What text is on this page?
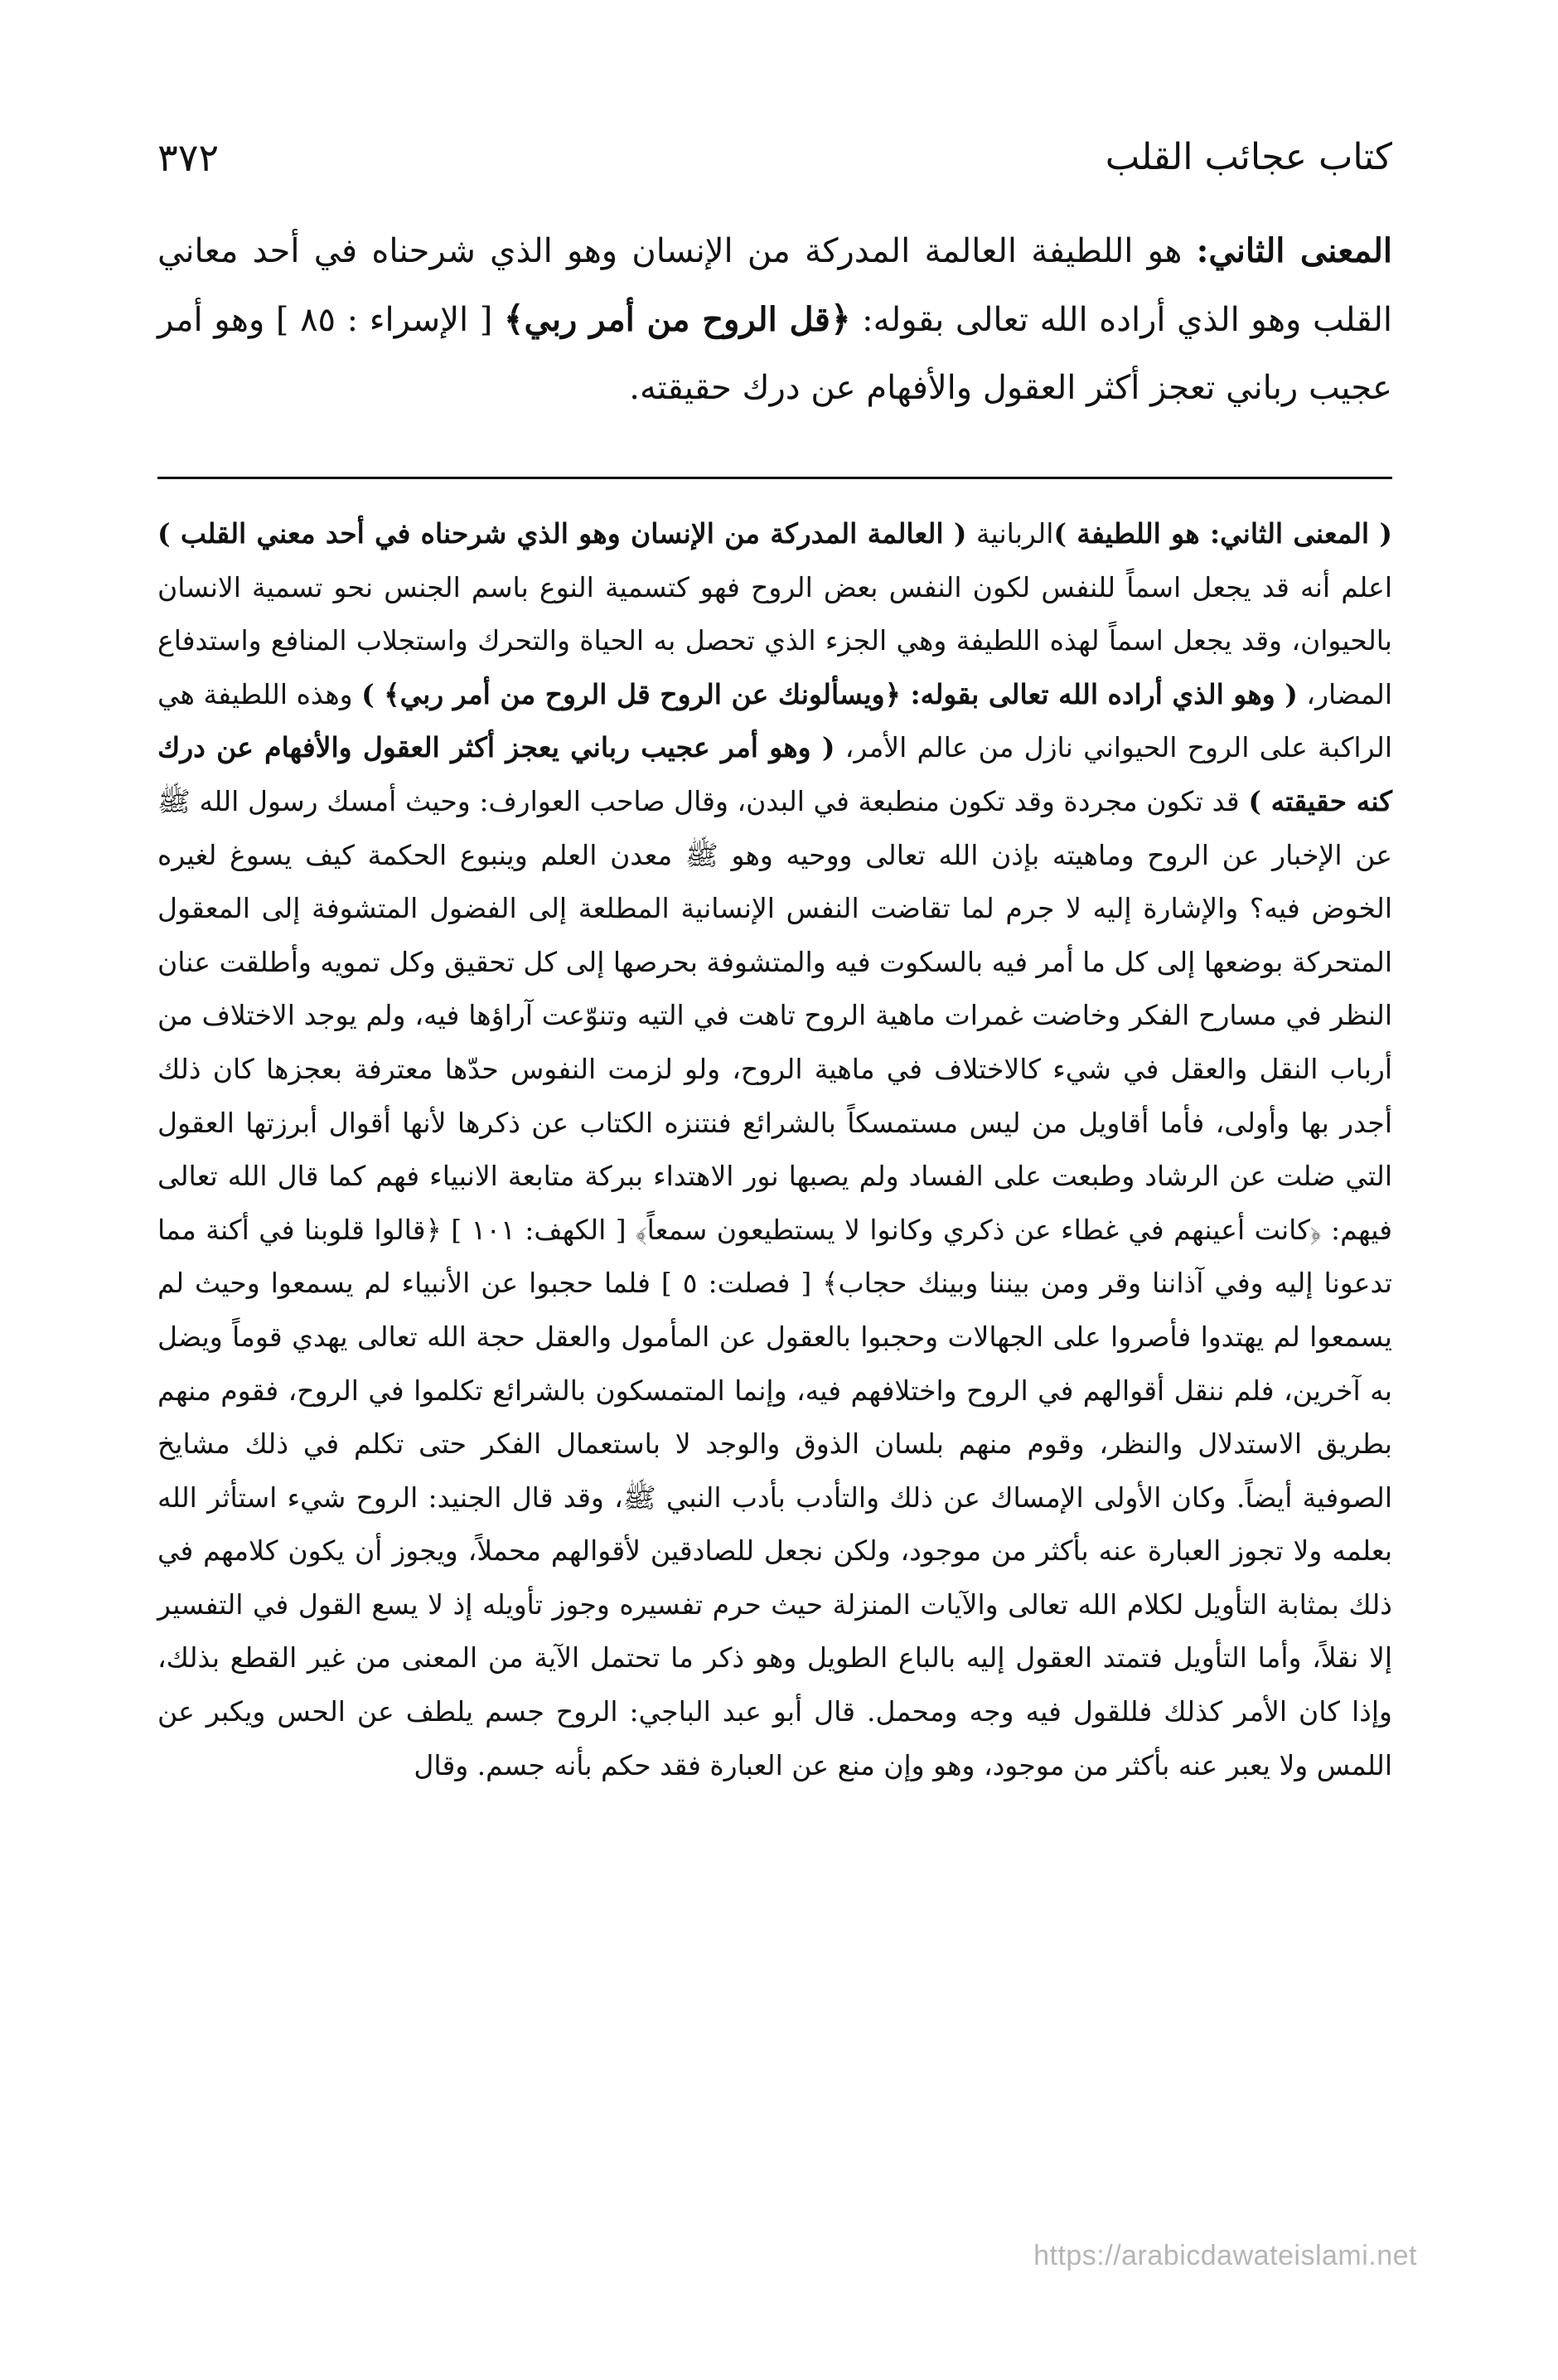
كتاب عجائب القلب
٣٧٢

المعنى الثاني: هو اللطيفة العالمة المدركة من الإنسان وهو الذي شرحناه في أحد معاني القلب وهو الذي أراده الله تعالى بقوله: ﴿قل الروح من أمر ربي﴾ [ الإسراء : ٨٥ ] وهو أمر عجيب رباني تعجز أكثر العقول والأفهام عن درك حقيقته.

( المعنى الثاني: هو اللطيفة )الربانية ( العالمة المدركة من الإنسان وهو الذي شرحناه في أحد معني القلب ) اعلم أنه قد يجعل اسماً للنفس لكون النفس بعض الروح فهو كتسمية النوع باسم الجنس نحو تسمية الانسان بالحيوان، وقد يجعل اسماً لهذه اللطيفة وهي الجزء الذي تحصل به الحياة والتحرك واستجلاب المنافع واستدفاع المضار، ( وهو الذي أراده الله تعالى بقوله: ﴿ويسألونك عن الروح قل الروح من أمر ربي﴾ ) وهذه اللطيفة هي الراكبة على الروح الحيواني نازل من عالم الأمر، ( وهو أمر عجيب رباني يعجز أكثر العقول والأفهام عن درك كنه حقيقته ) قد تكون مجردة وقد تكون منطبعة في البدن، وقال صاحب العوارف: وحيث أمسك رسول الله ﷺ عن الإخبار عن الروح وماهيته بإذن الله تعالى ووحيه وهو ﷺ معدن العلم وينبوع الحكمة كيف يسوغ لغيره الخوض فيه؟ والإشارة إليه لا جرم لما تقاضت النفس الإنسانية المطلعة إلى الفضول المتشوفة إلى المعقول المتحركة بوضعها إلى كل ما أمر فيه بالسكوت فيه والمتشوفة بحرصها إلى كل تحقيق وكل تمويه وأطلقت عنان النظر في مسارح الفكر وخاضت غمرات ماهية الروح تاهت في التيه وتنوّعت آراؤها فيه، ولم يوجد الاختلاف من أرباب النقل والعقل في شيء كالاختلاف في ماهية الروح، ولو لزمت النفوس حدّها معترفة بعجزها كان ذلك أجدر بها وأولى، فأما أقاويل من ليس مستمسكاً بالشرائع فنتنزه الكتاب عن ذكرها لأنها أقوال أبرزتها العقول التي ضلت عن الرشاد وطبعت على الفساد ولم يصبها نور الاهتداء ببركة متابعة الانبياء فهم كما قال الله تعالى فيهم: ﴿كانت أعينهم في غطاء عن ذكري وكانوا لا يستطيعون سمعاً﴾ [ الكهف: ١٠١ ] ﴿قالوا قلوبنا في أكنة مما تدعونا إليه وفي آذاننا وقر ومن بيننا وبينك حجاب﴾ [ فصلت: ٥ ] فلما حجبوا عن الأنبياء لم يسمعوا وحيث لم يسمعوا لم يهتدوا فأصروا على الجهالات وحجبوا بالعقول عن المأمول والعقل حجة الله تعالى يهدي قوماً ويضل به آخرين، فلم ننقل أقوالهم في الروح واختلافهم فيه، وإنما المتمسكون بالشرائع تكلموا في الروح، فقوم منهم بطريق الاستدلال والنظر، وقوم منهم بلسان الذوق والوجد لا باستعمال الفكر حتى تكلم في ذلك مشايخ الصوفية أيضاً. وكان الأولى الإمساك عن ذلك والتأدب بأدب النبي ﷺ، وقد قال الجنيد: الروح شيء استأثر الله بعلمه ولا تجوز العبارة عنه بأكثر من موجود، ولكن نجعل للصادقين لأقوالهم محملاً، ويجوز أن يكون كلامهم في ذلك بمثابة التأويل لكلام الله تعالى والآيات المنزلة حيث حرم تفسيره وجوز تأويله إذ لا يسع القول في التفسير إلا نقلاً، وأما التأويل فتمتد العقول إليه بالباع الطويل وهو ذكر ما تحتمل الآية من المعنى من غير القطع بذلك، وإذا كان الأمر كذلك فللقول فيه وجه ومحمل. قال أبو عبد الباجي: الروح جسم يلطف عن الحس ويكبر عن اللمس ولا يعبر عنه بأكثر من موجود، وهو وإن منع عن العبارة فقد حكم بأنه جسم. وقال

https://arabicdawateislami.net
